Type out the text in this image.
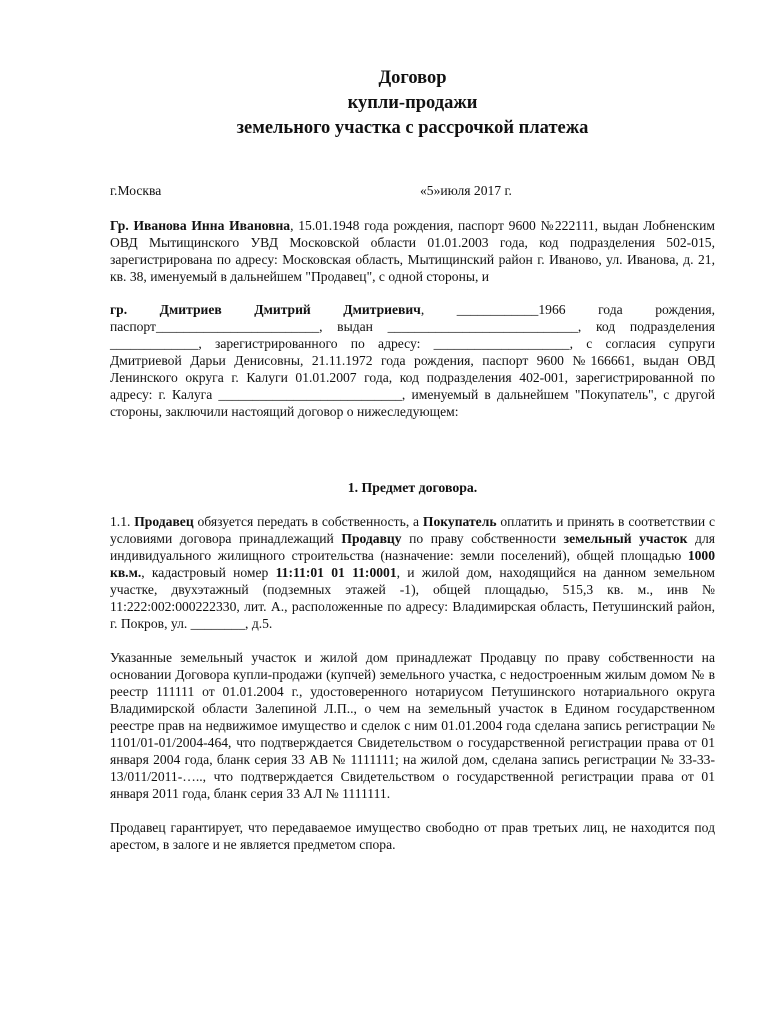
Договор
купли-продажи
земельного участка с рассрочкой платежа
г.Москва	«5»июля 2017 г.

Гр. Иванова Инна Ивановна, 15.01.1948 года рождения, паспорт 9600 №222111, выдан Лобненским ОВД Мытищинского УВД Московской области 01.01.2003 года, код подразделения 502-015, зарегистрирована по адресу: Московская область, Мытищинский район г. Иваново, ул. Иванова, д. 21, кв. 38, именуемый в дальнейшем "Продавец", с одной стороны, и

гр. Дмитриев Дмитрий Дмитриевич, ____________1966 года рождения, паспорт________________________, выдан ____________________________, код подразделения _____________, зарегистрированного по адресу: ____________________, с согласия супруги Дмитриевой Дарьи Денисовны, 21.11.1972 года рождения, паспорт 9600 №166661, выдан ОВД Ленинского округа г. Калуги 01.01.2007 года, код подразделения 402-001, зарегистрированной по адресу: г. Калуга ___________________________, именуемый в дальнейшем "Покупатель", с другой стороны, заключили настоящий договор о нижеследующем:

1. Предмет договора.

1.1. Продавец обязуется передать в собственность, а Покупатель оплатить и принять в соответствии с условиями договора принадлежащий Продавцу по праву собственности земельный участок для индивидуального жилищного строительства (назначение: земли поселений), общей площадью 1000 кв.м., кадастровый номер 11:11:01 01 11:0001, и жилой дом, находящийся на данном земельном участке, двухэтажный (подземных этажей -1), общей площадью, 515,3 кв. м., инв № 11:222:002:000222330, лит. А., расположенные по адресу: Владимирская область, Петушинский район, г. Покров, ул. ________, д.5.

Указанные земельный участок и жилой дом принадлежат Продавцу по праву собственности на основании Договора купли-продажи (купчей) земельного участка, с недостроенным жилым домом № в реестр 111111 от 01.01.2004 г., удостоверенного нотариусом Петушинского нотариального округа Владимирской области Залепиной Л.П.., о чем на земельный участок в Едином государственном реестре прав на недвижимое имущество и сделок с ним 01.01.2004 года сделана запись регистрации № 1101/01-01/2004-464, что подтверждается Свидетельством о государственной регистрации права от 01 января 2004 года, бланк серия 33 АВ № 1111111; на жилой дом, сделана запись регистрации № 33-33-13/011/2011-….., что подтверждается Свидетельством о государственной регистрации права от 01 января 2011 года, бланк серия 33 АЛ № 1111111.

Продавец гарантирует, что передаваемое имущество свободно от прав третьих лиц, не находится под арестом, в залоге и не является предметом спора.
